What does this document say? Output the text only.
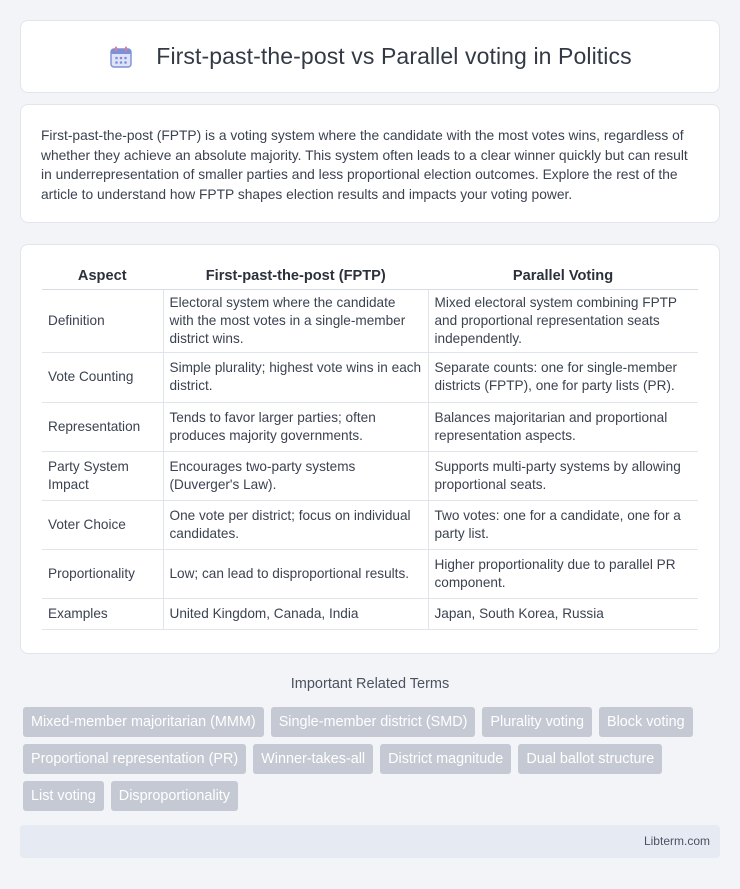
First-past-the-post vs Parallel voting in Politics

First-past-the-post (FPTP) is a voting system where the candidate with the most votes wins, regardless of whether they achieve an absolute majority. This system often leads to a clear winner quickly but can result in underrepresentation of smaller parties and less proportional election outcomes. Explore the rest of the article to understand how FPTP shapes election results and impacts your voting power.

Aspect	First-past-the-post (FPTP)	Parallel Voting
Definition	Electoral system where the candidate with the most votes in a single-member district wins.	Mixed electoral system combining FPTP and proportional representation seats independently.
Vote Counting	Simple plurality; highest vote wins in each district.	Separate counts: one for single-member districts (FPTP), one for party lists (PR).
Representation	Tends to favor larger parties; often produces majority governments.	Balances majoritarian and proportional representation aspects.
Party System Impact	Encourages two-party systems (Duverger's Law).	Supports multi-party systems by allowing proportional seats.
Voter Choice	One vote per district; focus on individual candidates.	Two votes: one for a candidate, one for a party list.
Proportionality	Low; can lead to disproportional results.	Higher proportionality due to parallel PR component.
Examples	United Kingdom, Canada, India	Japan, South Korea, Russia
Important Related Terms
Mixed-member majoritarian (MMM)	Single-member district (SMD)	Plurality voting	Block voting
Proportional representation (PR)	Winner-takes-all	District magnitude	Dual ballot structure
List voting	Disproportionality
Libterm.com
